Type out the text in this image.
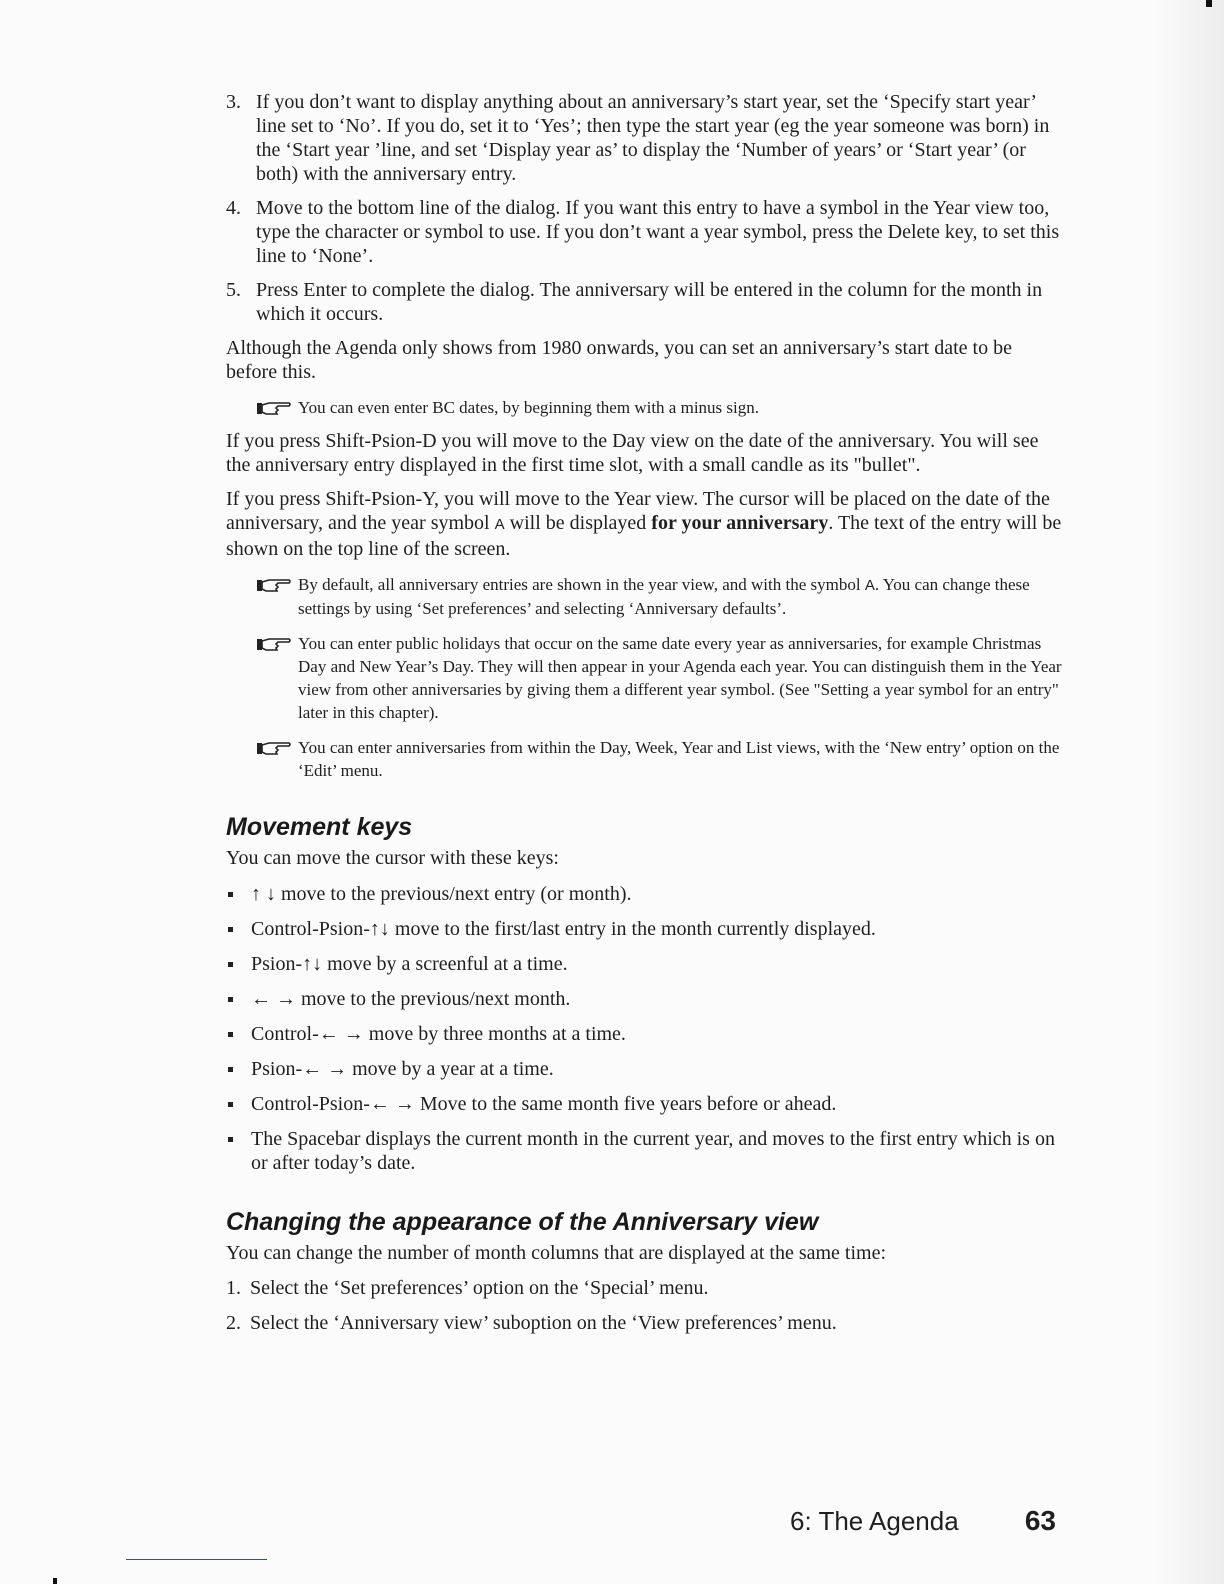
3. If you don’t want to display anything about an anniversary’s start year, set the ‘Specify start year’ line set to ‘No’. If you do, set it to ‘Yes’; then type the start year (eg the year someone was born) in the ‘Start year ’line, and set ‘Display year as’ to display the ‘Number of years’ or ‘Start year’ (or both) with the anniversary entry.

4. Move to the bottom line of the dialog. If you want this entry to have a symbol in the Year view too, type the character or symbol to use. If you don’t want a year symbol, press the Delete key, to set this line to ‘None’.

5. Press Enter to complete the dialog. The anniversary will be entered in the column for the month in which it occurs.

Although the Agenda only shows from 1980 onwards, you can set an anniversary’s start date to be before this.

You can even enter BC dates, by beginning them with a minus sign.

If you press Shift-Psion-D you will move to the Day view on the date of the anniversary. You will see the anniversary entry displayed in the first time slot, with a small candle as its "bullet".

If you press Shift-Psion-Y, you will move to the Year view. The cursor will be placed on the date of the anniversary, and the year symbol A will be displayed for your anniversary. The text of the entry will be shown on the top line of the screen.

By default, all anniversary entries are shown in the year view, and with the symbol A. You can change these settings by using ‘Set preferences’ and selecting ‘Anniversary defaults’.

You can enter public holidays that occur on the same date every year as anniversaries, for example Christmas Day and New Year’s Day. They will then appear in your Agenda each year. You can distinguish them in the Year view from other anniversaries by giving them a different year symbol. (See "Setting a year symbol for an entry" later in this chapter).

You can enter anniversaries from within the Day, Week, Year and List views, with the ‘New entry’ option on the ‘Edit’ menu.

Movement keys

You can move the cursor with these keys:

↑ ↓ move to the previous/next entry (or month).
Control-Psion-↑↓ move to the first/last entry in the month currently displayed.
Psion-↑↓ move by a screenful at a time.
← → move to the previous/next month.
Control-← → move by three months at a time.
Psion-← → move by a year at a time.
Control-Psion-← → Move to the same month five years before or ahead.
The Spacebar displays the current month in the current year, and moves to the first entry which is on or after today’s date.
Changing the appearance of the Anniversary view

You can change the number of month columns that are displayed at the same time:

1. Select the ‘Set preferences’ option on the ‘Special’ menu.

2. Select the ‘Anniversary view’ suboption on the ‘View preferences’ menu.

6: The Agenda 63
